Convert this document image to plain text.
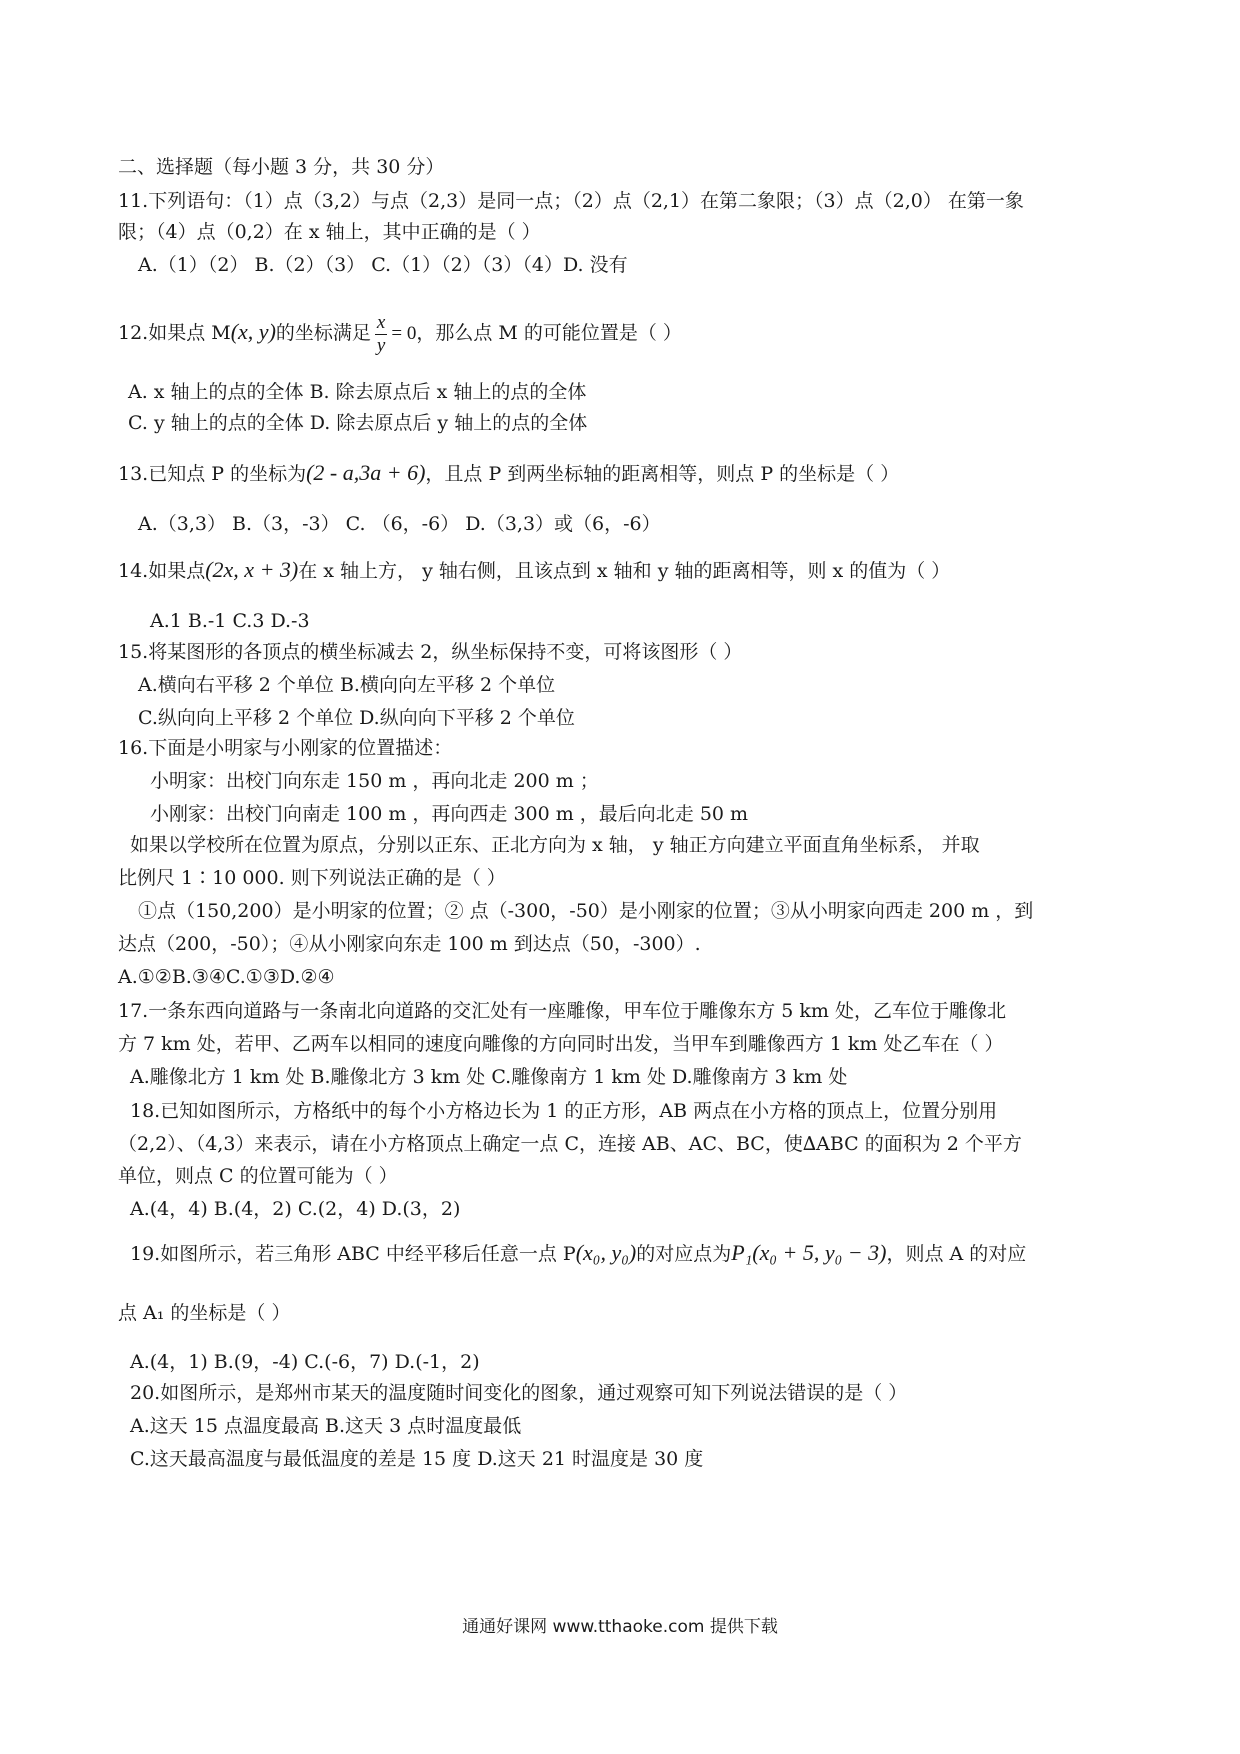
二、选择题（每小题 3 分，共 30 分）
11.下列语句：（1）点（3,2）与点（2,3）是同一点；（2）点（2,1）在第二象限；（3）点（2,0） 在第一象
限；（4）点（0,2）在 x 轴上，其中正确的是（ ）
A.（1）（2） B.（2）（3） C.（1）（2）（3）（4）D. 没有
12.如果点 M(x, y)的坐标满足 $\frac{x}{y} = 0$，那么点 M 的可能位置是（ ）
A. x 轴上的点的全体 B. 除去原点后 x 轴上的点的全体
C. y 轴上的点的全体 D. 除去原点后 y 轴上的点的全体
13.已知点 P 的坐标为(2 - a,3a + 6)，且点 P 到两坐标轴的距离相等，则点 P 的坐标是（ ）
A.（3,3） B.（3，-3） C. （6，-6） D.（3,3）或（6，-6）
14.如果点(2x, x + 3)在 x 轴上方， y 轴右侧，且该点到 x 轴和 y 轴的距离相等，则 x 的值为（ ）
A.1 B.-1 C.3 D.-3
15.将某图形的各顶点的横坐标减去 2，纵坐标保持不变，可将该图形（ ）
A.横向右平移 2 个单位 B.横向向左平移 2 个单位
C.纵向向上平移 2 个单位 D.纵向向下平移 2 个单位
16.下面是小明家与小刚家的位置描述：
小明家：出校门向东走 150 m ，再向北走 200 m ；
小刚家：出校门向南走 100 m ，再向西走 300 m ，最后向北走 50 m
如果以学校所在位置为原点，分别以正东、正北方向为 x 轴， y 轴正方向建立平面直角坐标系， 并取
比例尺 1∶10 000. 则下列说法正确的是（ ）
①点（150,200）是小明家的位置；② 点（-300，-50）是小刚家的位置；③从小明家向西走 200 m ，到
达点（200，-50）；④从小刚家向东走 100 m 到达点（50，-300）.
A.①②B.③④C.①③D.②④
17.一条东西向道路与一条南北向道路的交汇处有一座雕像，甲车位于雕像东方 5 km 处，乙车位于雕像北
方 7 km 处，若甲、乙两车以相同的速度向雕像的方向同时出发，当甲车到雕像西方 1 km 处乙车在（ ）
A.雕像北方 1 km 处 B.雕像北方 3 km 处 C.雕像南方 1 km 处 D.雕像南方 3 km 处
18.已知如图所示，方格纸中的每个小方格边长为 1 的正方形，AB 两点在小方格的顶点上，位置分别用
（2,2）、（4,3）来表示，请在小方格顶点上确定一点 C，连接 AB、AC、BC，使∆ABC 的面积为 2 个平方
单位，则点 C 的位置可能为（ ）
A.(4，4) B.(4，2) C.(2，4) D.(3，2)
19.如图所示，若三角形 ABC 中经平移后任意一点 P(x₀, y₀)的对应点为P₁(x₀ + 5, y₀ − 3)，则点 A 的对应
点 A₁ 的坐标是（ ）
A.(4，1) B.(9，-4) C.(-6，7) D.(-1，2)
20.如图所示，是郑州市某天的温度随时间变化的图象，通过观察可知下列说法错误的是（ ）
A.这天 15 点温度最高 B.这天 3 点时温度最低
C.这天最高温度与最低温度的差是 15 度 D.这天 21 时温度是 30 度
通通好课网 www.tthaoke.com 提供下载
